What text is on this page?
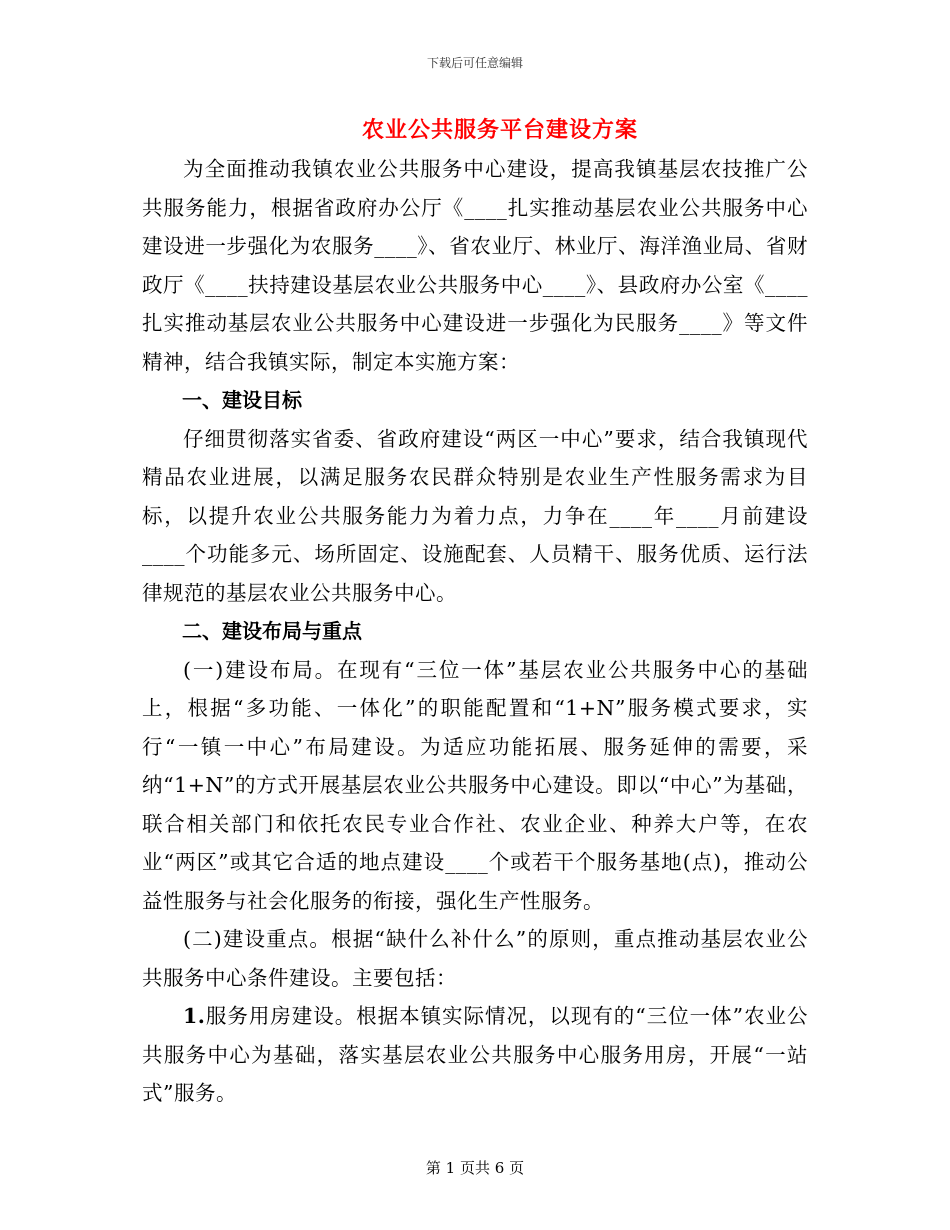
下载后可任意编辑
农业公共服务平台建设方案

为全面推动我镇农业公共服务中心建设，提高我镇基层农技推广公共服务能力，根据省政府办公厅《____扎实推动基层农业公共服务中心建设进一步强化为农服务____》、省农业厅、林业厅、海洋渔业局、省财政厅《____扶持建设基层农业公共服务中心____》、县政府办公室《____扎实推动基层农业公共服务中心建设进一步强化为民服务____》等文件精神，结合我镇实际，制定本实施方案：

一、建设目标

仔细贯彻落实省委、省政府建设“两区一中心”要求，结合我镇现代精品农业进展，以满足服务农民群众特别是农业生产性服务需求为目标，以提升农业公共服务能力为着力点，力争在____年____月前建设____个功能多元、场所固定、设施配套、人员精干、服务优质、运行法律规范的基层农业公共服务中心。

二、建设布局与重点

(一)建设布局。在现有“三位一体”基层农业公共服务中心的基础上，根据“多功能、一体化”的职能配置和“1+N”服务模式要求，实行“一镇一中心”布局建设。为适应功能拓展、服务延伸的需要，采纳“1+N”的方式开展基层农业公共服务中心建设。即以“中心”为基础，联合相关部门和依托农民专业合作社、农业企业、种养大户等，在农业“两区”或其它合适的地点建设____个或若干个服务基地(点)，推动公益性服务与社会化服务的衔接，强化生产性服务。

(二)建设重点。根据“缺什么补什么”的原则，重点推动基层农业公共服务中心条件建设。主要包括：

1.服务用房建设。根据本镇实际情况，以现有的“三位一体”农业公共服务中心为基础，落实基层农业公共服务中心服务用房，开展“一站式”服务。

第 1 页共 6 页
